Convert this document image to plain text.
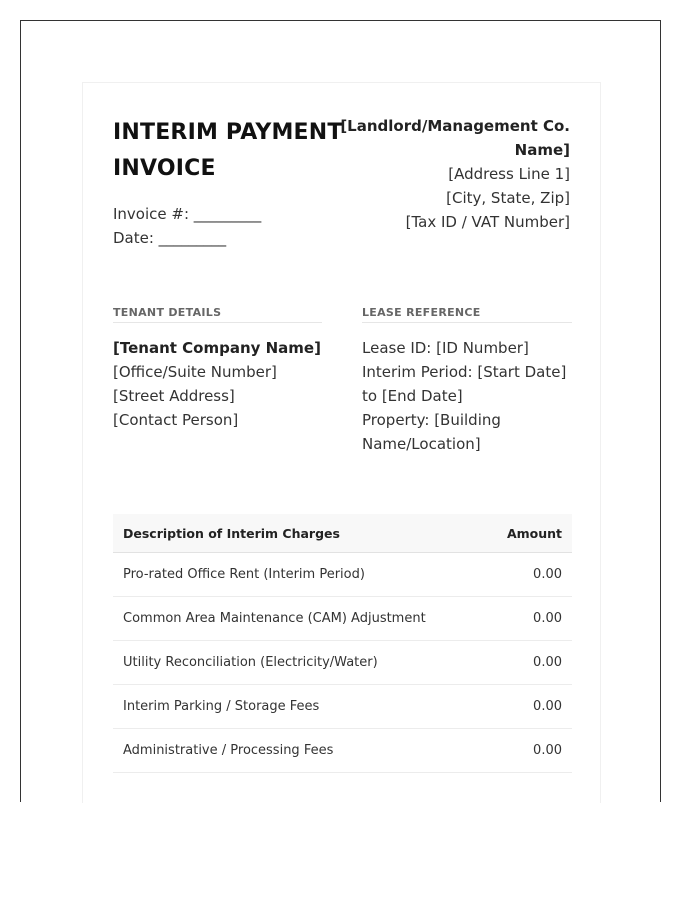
INTERIM PAYMENT INVOICE
Invoice #: _________
Date: _________
[Landlord/Management Co. Name]
[Address Line 1]
[City, State, Zip]
[Tax ID / VAT Number]
TENANT DETAILS
[Tenant Company Name]
[Office/Suite Number]
[Street Address]
[Contact Person]
LEASE REFERENCE
Lease ID: [ID Number]
Interim Period: [Start Date] to [End Date]
Property: [Building Name/Location]
Description of Interim Charges	Amount
Pro-rated Office Rent (Interim Period)	0.00
Common Area Maintenance (CAM) Adjustment	0.00
Utility Reconciliation (Electricity/Water)	0.00
Interim Parking / Storage Fees	0.00
Administrative / Processing Fees	0.00
